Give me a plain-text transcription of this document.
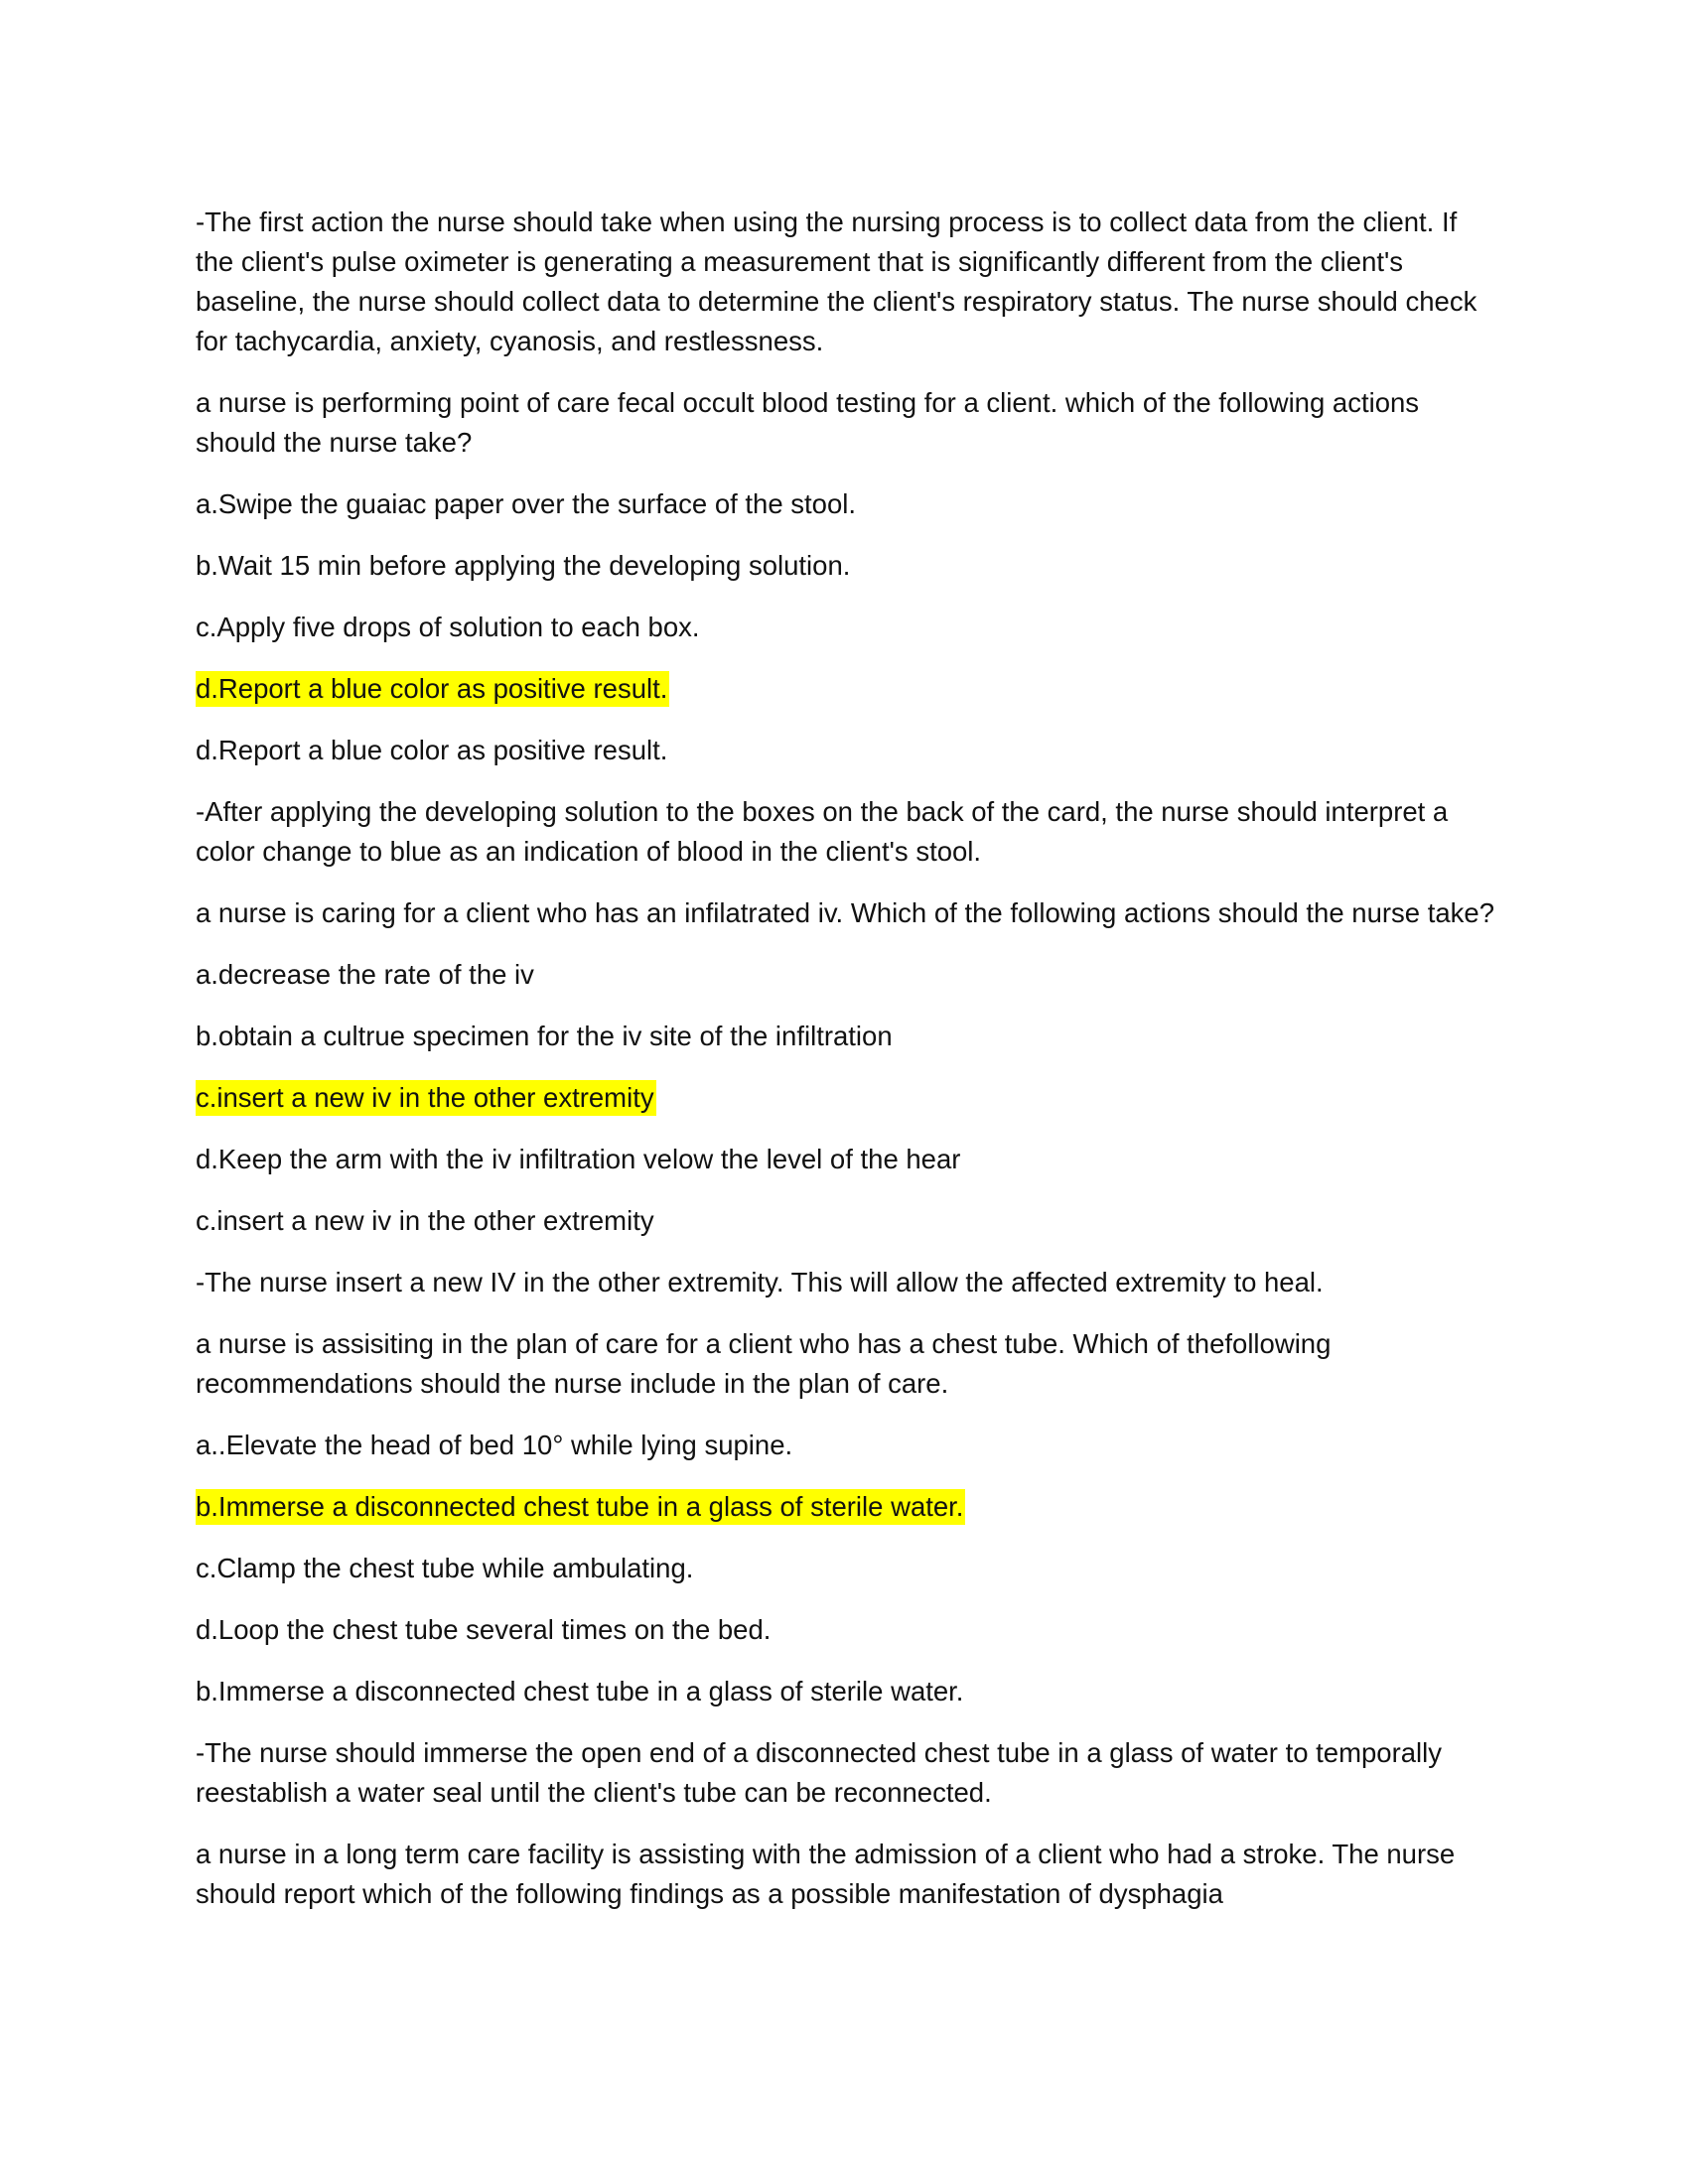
-The first action the nurse should take when using the nursing process is to collect data from the client. If the client's pulse oximeter is generating a measurement that is significantly different from the client's baseline, the nurse should collect data to determine the client's respiratory status. The nurse should check for tachycardia, anxiety, cyanosis, and restlessness.

a nurse is performing point of care fecal occult blood testing for a client. which of the following actions should the nurse take?

a.Swipe the guaiac paper over the surface of the stool.

b.Wait 15 min before applying the developing solution.

c.Apply five drops of solution to each box.

d.Report a blue color as positive result.

d.Report a blue color as positive result.

-After applying the developing solution to the boxes on the back of the card, the nurse should interpret a color change to blue as an indication of blood in the client's stool.

a nurse is caring for a client who has an infilatrated iv. Which of the following actions should the nurse take?

a.decrease the rate of the iv

b.obtain a cultrue specimen for the iv site of the infiltration

c.insert a new iv in the other extremity

d.Keep the arm with the iv infiltration velow the level of the hear

c.insert a new iv in the other extremity

-The nurse insert a new IV in the other extremity. This will allow the affected extremity to heal.

a nurse is assisiting in the plan of care for a client who has a chest tube. Which of thefollowing recommendations should the nurse include in the plan of care.

a..Elevate the head of bed 10° while lying supine.

b.Immerse a disconnected chest tube in a glass of sterile water.

c.Clamp the chest tube while ambulating.

d.Loop the chest tube several times on the bed.

b.Immerse a disconnected chest tube in a glass of sterile water.

-The nurse should immerse the open end of a disconnected chest tube in a glass of water to temporally reestablish a water seal until the client's tube can be reconnected.

a nurse in a long term care facility is assisting with the admission of a client who had a stroke. The nurse should report which of the following findings as a possible manifestation of dysphagia
